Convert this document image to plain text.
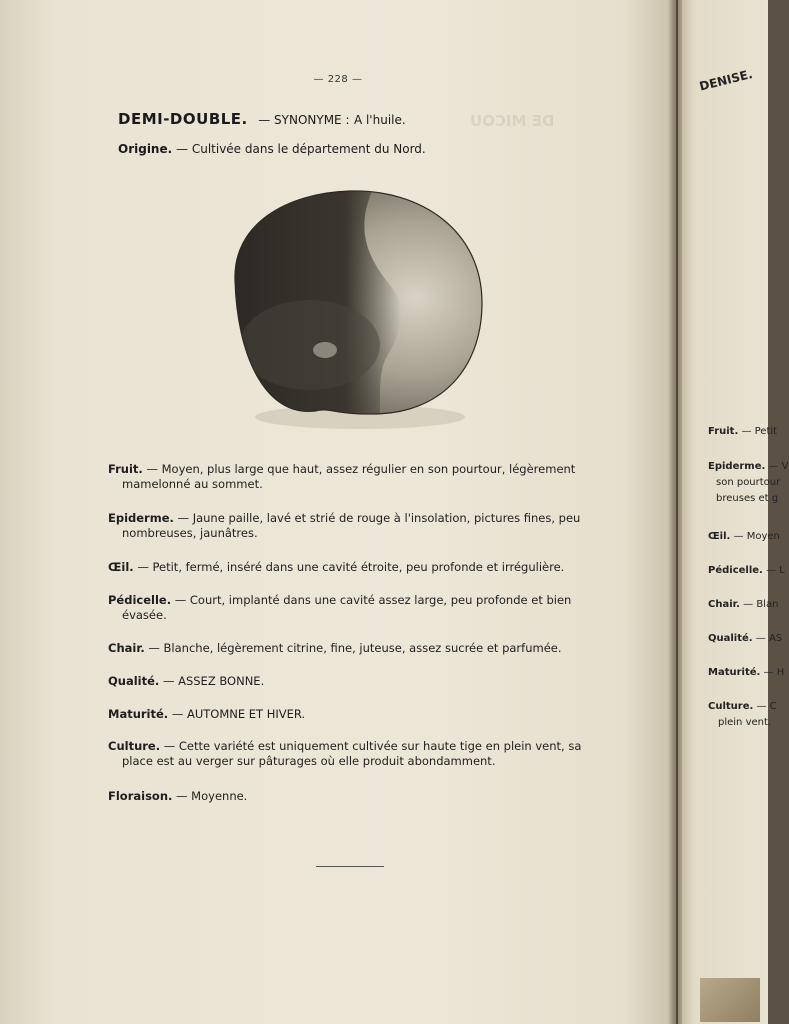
DE MICOU
— 228 —
DEMI-DOUBLE. — SYNONYME : A l'huile.
Origine. — Cultivée dans le département du Nord.
Fruit. — Moyen, plus large que haut, assez régulier en son pourtour, légèrement
mamelonné au sommet.
Epiderme. — Jaune paille, lavé et strié de rouge à l'insolation, pictures fines, peu
nombreuses, jaunâtres.
Œil. — Petit, fermé, inséré dans une cavité étroite, peu profonde et irrégulière.
Pédicelle. — Court, implanté dans une cavité assez large, peu profonde et bien
évasée.
Chair. — Blanche, légèrement citrine, fine, juteuse, assez sucrée et parfumée.
Qualité. — ASSEZ BONNE.
Maturité. — AUTOMNE ET HIVER.
Culture. — Cette variété est uniquement cultivée sur haute tige en plein vent, sa
place est au verger sur pâturages où elle produit abondamment.
Floraison. — Moyenne.
DENISE.
Fruit. — Petit
Epiderme. — V
son pourtour
breuses et g
Œil. — Moyen
Pédicelle. — L
Chair. — Blan
Qualité. — AS
Maturité. — H
Culture. — C
plein vent.
